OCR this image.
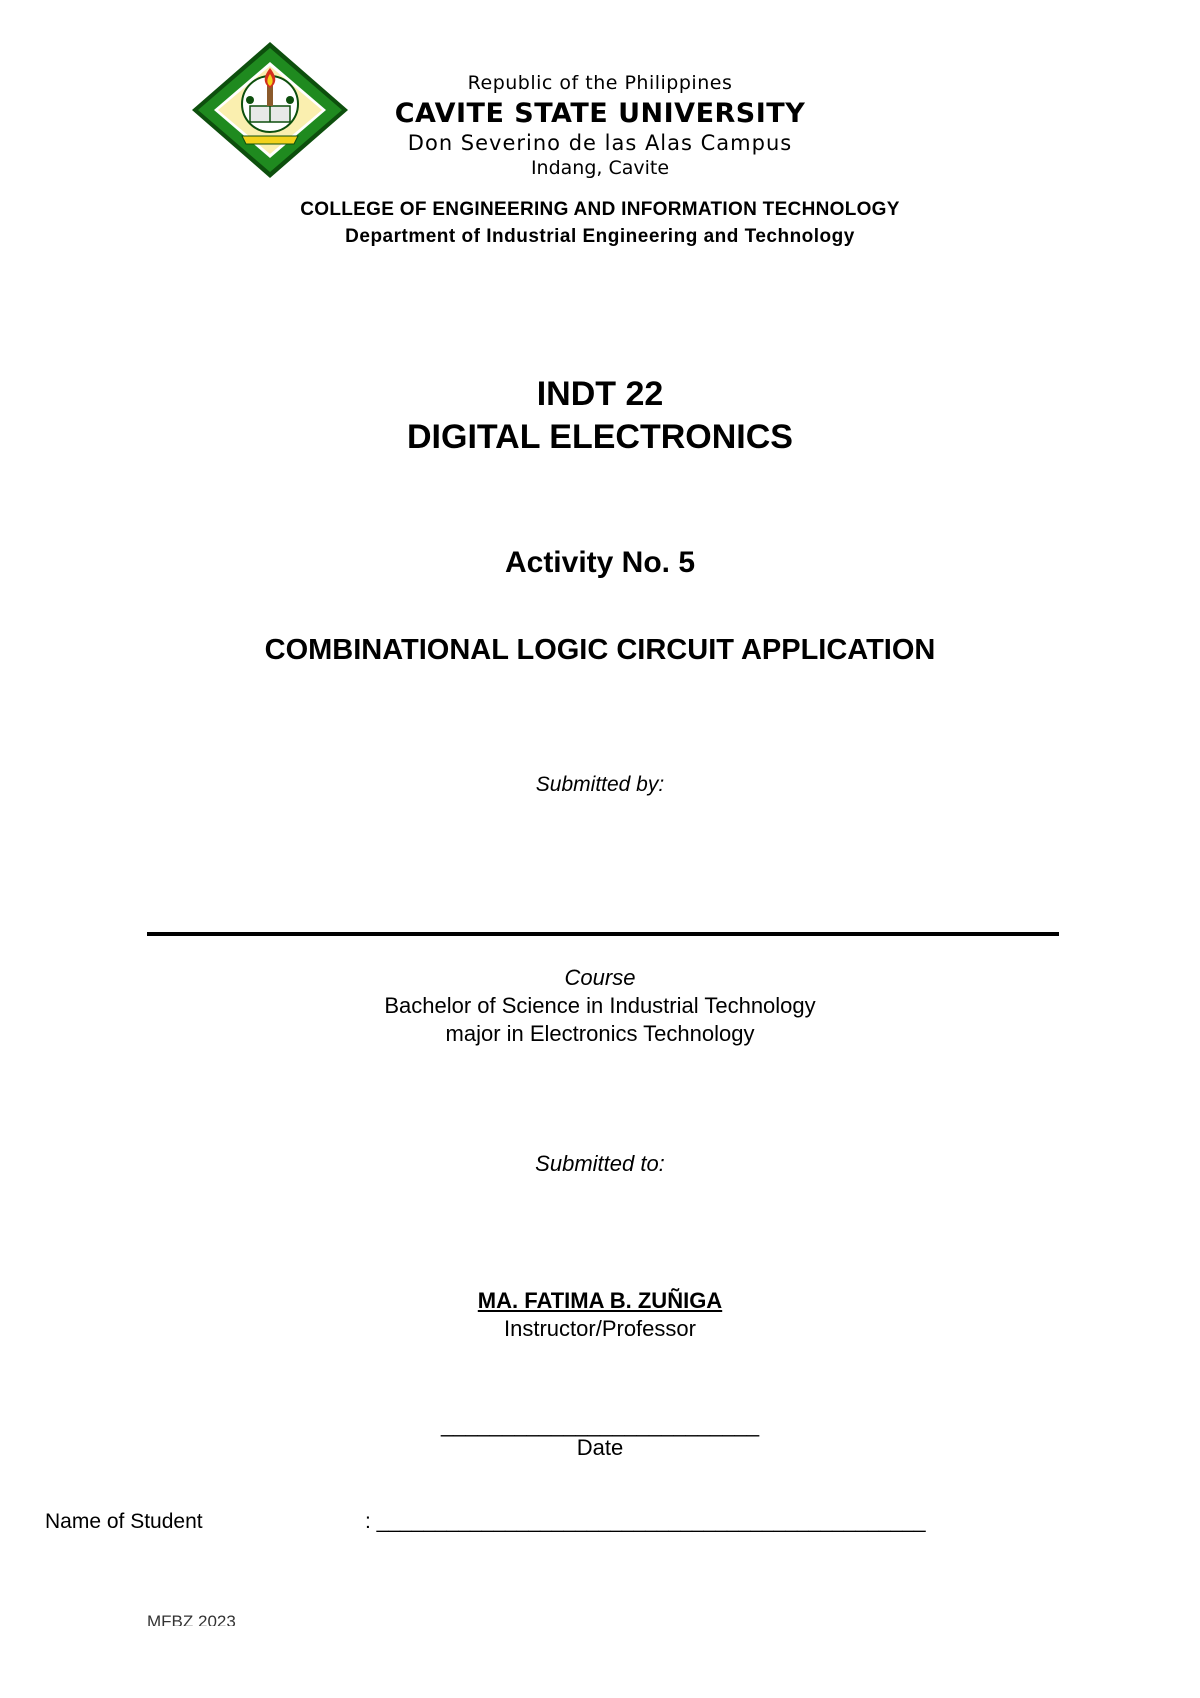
Republic of the Philippines
CAVITE STATE UNIVERSITY
Don Severino de las Alas Campus
Indang, Cavite
COLLEGE OF ENGINEERING AND INFORMATION TECHNOLOGY
Department of Industrial Engineering and Technology
INDT 22
DIGITAL ELECTRONICS
Activity No. 5
COMBINATIONAL LOGIC CIRCUIT APPLICATION
Submitted by:
Course
Bachelor of Science in Industrial Technology
major in Electronics Technology
Submitted to:
MA. FATIMA B. ZUÑIGA
Instructor/Professor
__________________________
Date
Name of Student	: _______________________________________________
MFBZ 2023
